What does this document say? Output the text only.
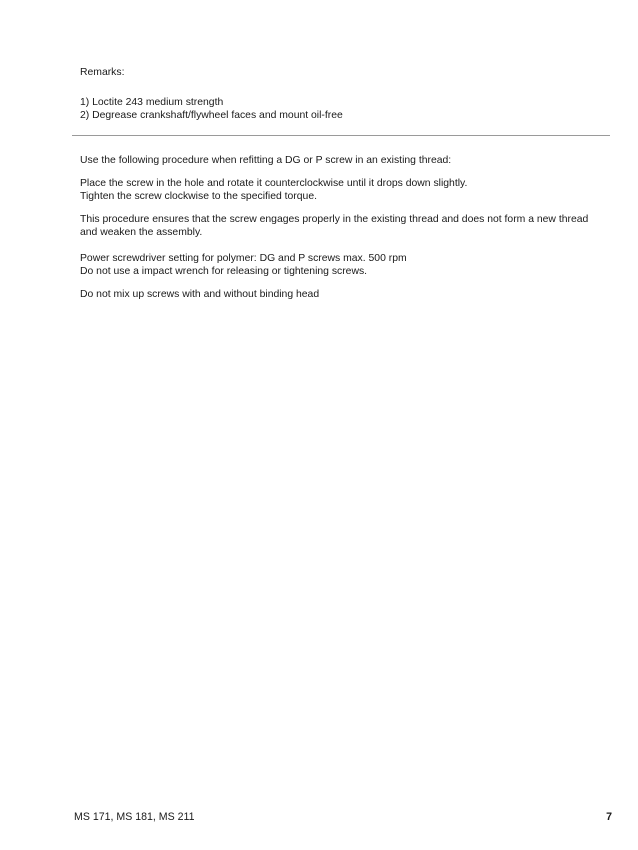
Remarks:

1) Loctite 243 medium strength

2) Degrease crankshaft/flywheel faces and mount oil-free

Use the following procedure when refitting a DG or P screw in an existing thread:

Place the screw in the hole and rotate it counterclockwise until it drops down slightly.

Tighten the screw clockwise to the specified torque.

This procedure ensures that the screw engages properly in the existing thread and does not form a new thread

and weaken the assembly.

Power screwdriver setting for polymer: DG and P screws max. 500 rpm

Do not use a impact wrench for releasing or tightening screws.

Do not mix up screws with and without binding head

MS 171, MS 181, MS 211	7
